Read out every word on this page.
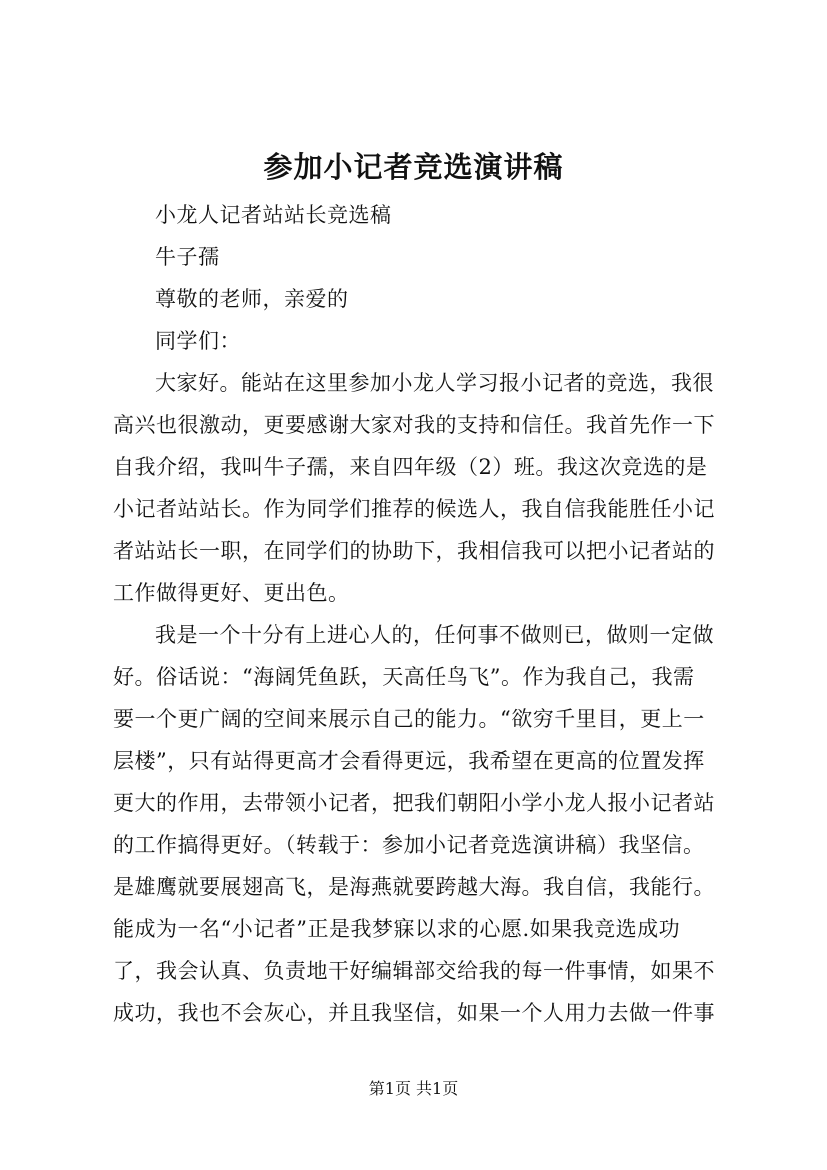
参加小记者竞选演讲稿

小龙人记者站站长竞选稿

牛子孺

尊敬的老师，亲爱的

同学们：

大家好。能站在这里参加小龙人学习报小记者的竞选，我很

高兴也很激动，更要感谢大家对我的支持和信任。我首先作一下

自我介绍，我叫牛子孺，来自四年级（2）班。我这次竞选的是

小记者站站长。作为同学们推荐的候选人，我自信我能胜任小记

者站站长一职，在同学们的协助下，我相信我可以把小记者站的

工作做得更好、更出色。

我是一个十分有上进心人的，任何事不做则已，做则一定做

好。俗话说：“海阔凭鱼跃，天高任鸟飞”。作为我自己，我需

要一个更广阔的空间来展示自己的能力。“欲穷千里目，更上一

层楼”，只有站得更高才会看得更远，我希望在更高的位置发挥

更大的作用，去带领小记者，把我们朝阳小学小龙人报小记者站

的工作搞得更好。（转载于：参加小记者竞选演讲稿）我坚信。

是雄鹰就要展翅高飞，是海燕就要跨越大海。我自信，我能行。

能成为一名“小记者”正是我梦寐以求的心愿.如果我竞选成功

了，我会认真、负责地干好编辑部交给我的每一件事情，如果不

成功，我也不会灰心，并且我坚信，如果一个人用力去做一件事

第1页 共1页
